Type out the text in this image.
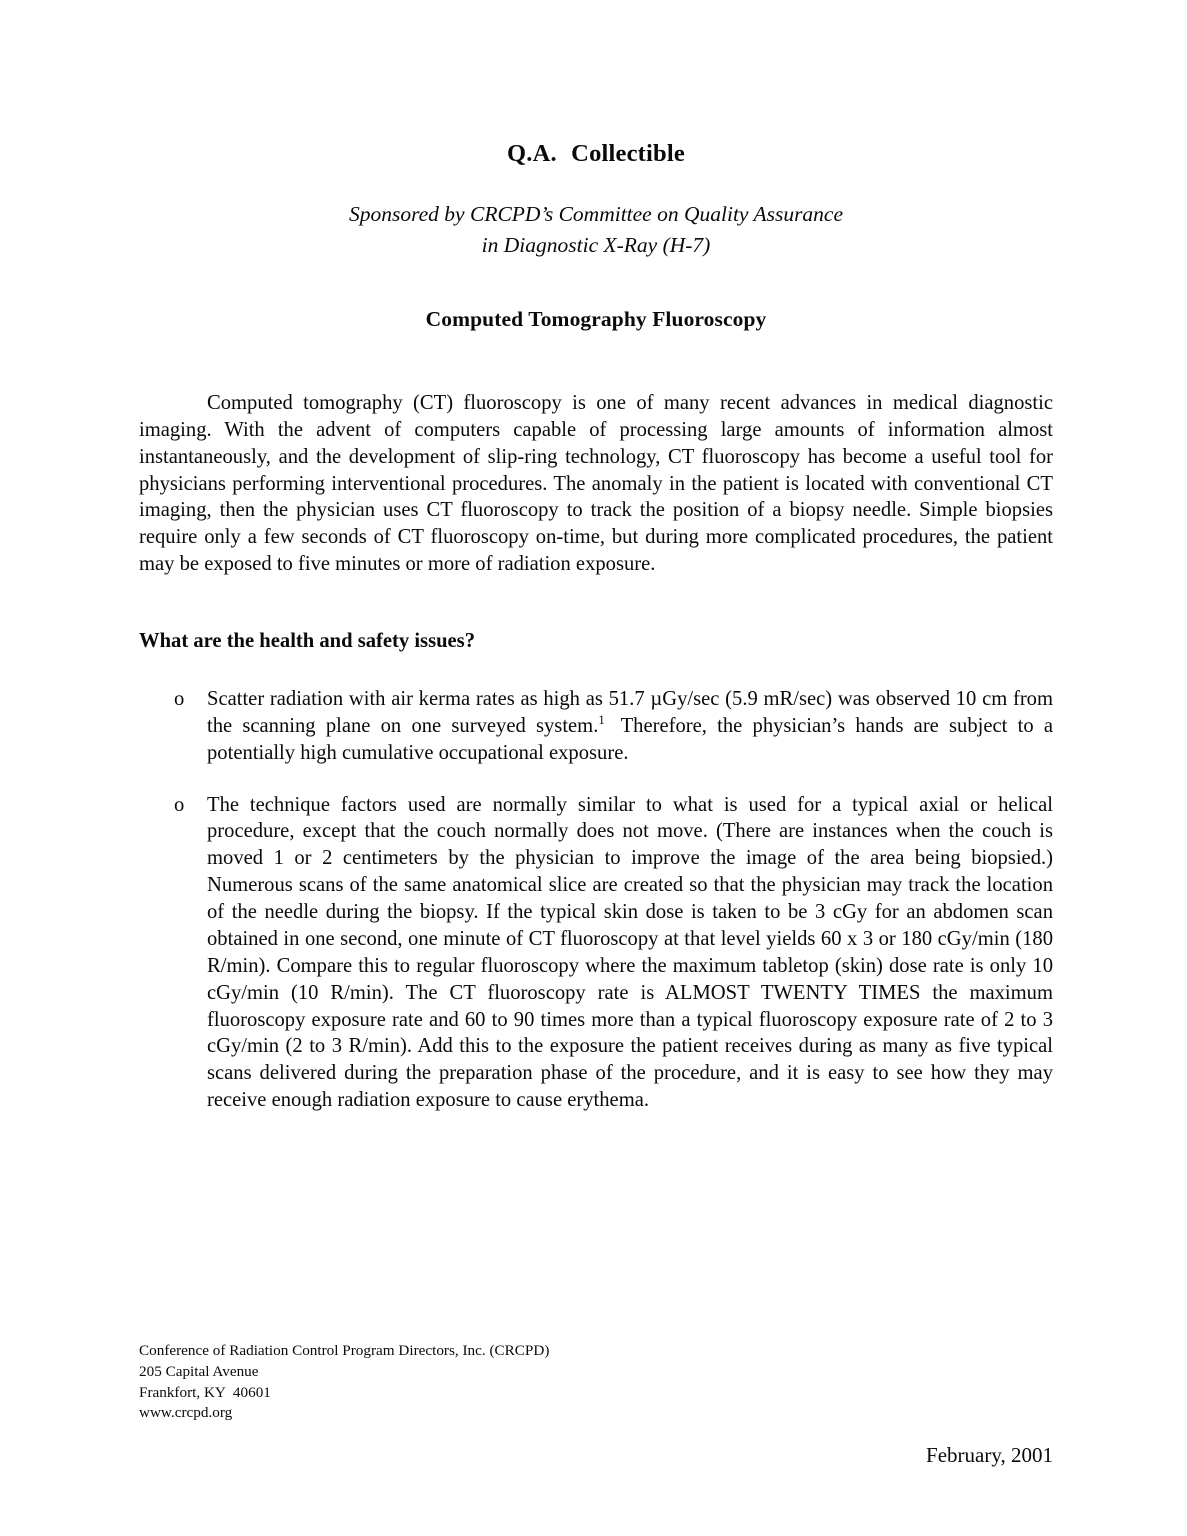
Q.A. Collectible
Sponsored by CRCPD’s Committee on Quality Assurance
in Diagnostic X-Ray (H-7)
Computed Tomography Fluoroscopy

Computed tomography (CT) fluoroscopy is one of many recent advances in medical diagnostic imaging. With the advent of computers capable of processing large amounts of information almost instantaneously, and the development of slip-ring technology, CT fluoroscopy has become a useful tool for physicians performing interventional procedures. The anomaly in the patient is located with conventional CT imaging, then the physician uses CT fluoroscopy to track the position of a biopsy needle. Simple biopsies require only a few seconds of CT fluoroscopy on-time, but during more complicated procedures, the patient may be exposed to five minutes or more of radiation exposure.

What are the health and safety issues?
o Scatter radiation with air kerma rates as high as 51.7 µGy/sec (5.9 mR/sec) was observed 10 cm from the scanning plane on one surveyed system.$^1$ Therefore, the physician’s hands are subject to a potentially high cumulative occupational exposure.
o The technique factors used are normally similar to what is used for a typical axial or helical procedure, except that the couch normally does not move. (There are instances when the couch is moved 1 or 2 centimeters by the physician to improve the image of the area being biopsied.) Numerous scans of the same anatomical slice are created so that the physician may track the location of the needle during the biopsy. If the typical skin dose is taken to be 3 cGy for an abdomen scan obtained in one second, one minute of CT fluoroscopy at that level yields 60 x 3 or 180 cGy/min (180 R/min). Compare this to regular fluoroscopy where the maximum tabletop (skin) dose rate is only 10 cGy/min (10 R/min). The CT fluoroscopy rate is ALMOST TWENTY TIMES the maximum fluoroscopy exposure rate and 60 to 90 times more than a typical fluoroscopy exposure rate of 2 to 3 cGy/min (2 to 3 R/min). Add this to the exposure the patient receives during as many as five typical scans delivered during the preparation phase of the procedure, and it is easy to see how they may receive enough radiation exposure to cause erythema.
Conference of Radiation Control Program Directors, Inc. (CRCPD)
205 Capital Avenue
Frankfort, KY  40601
www.crcpd.org
February, 2001
